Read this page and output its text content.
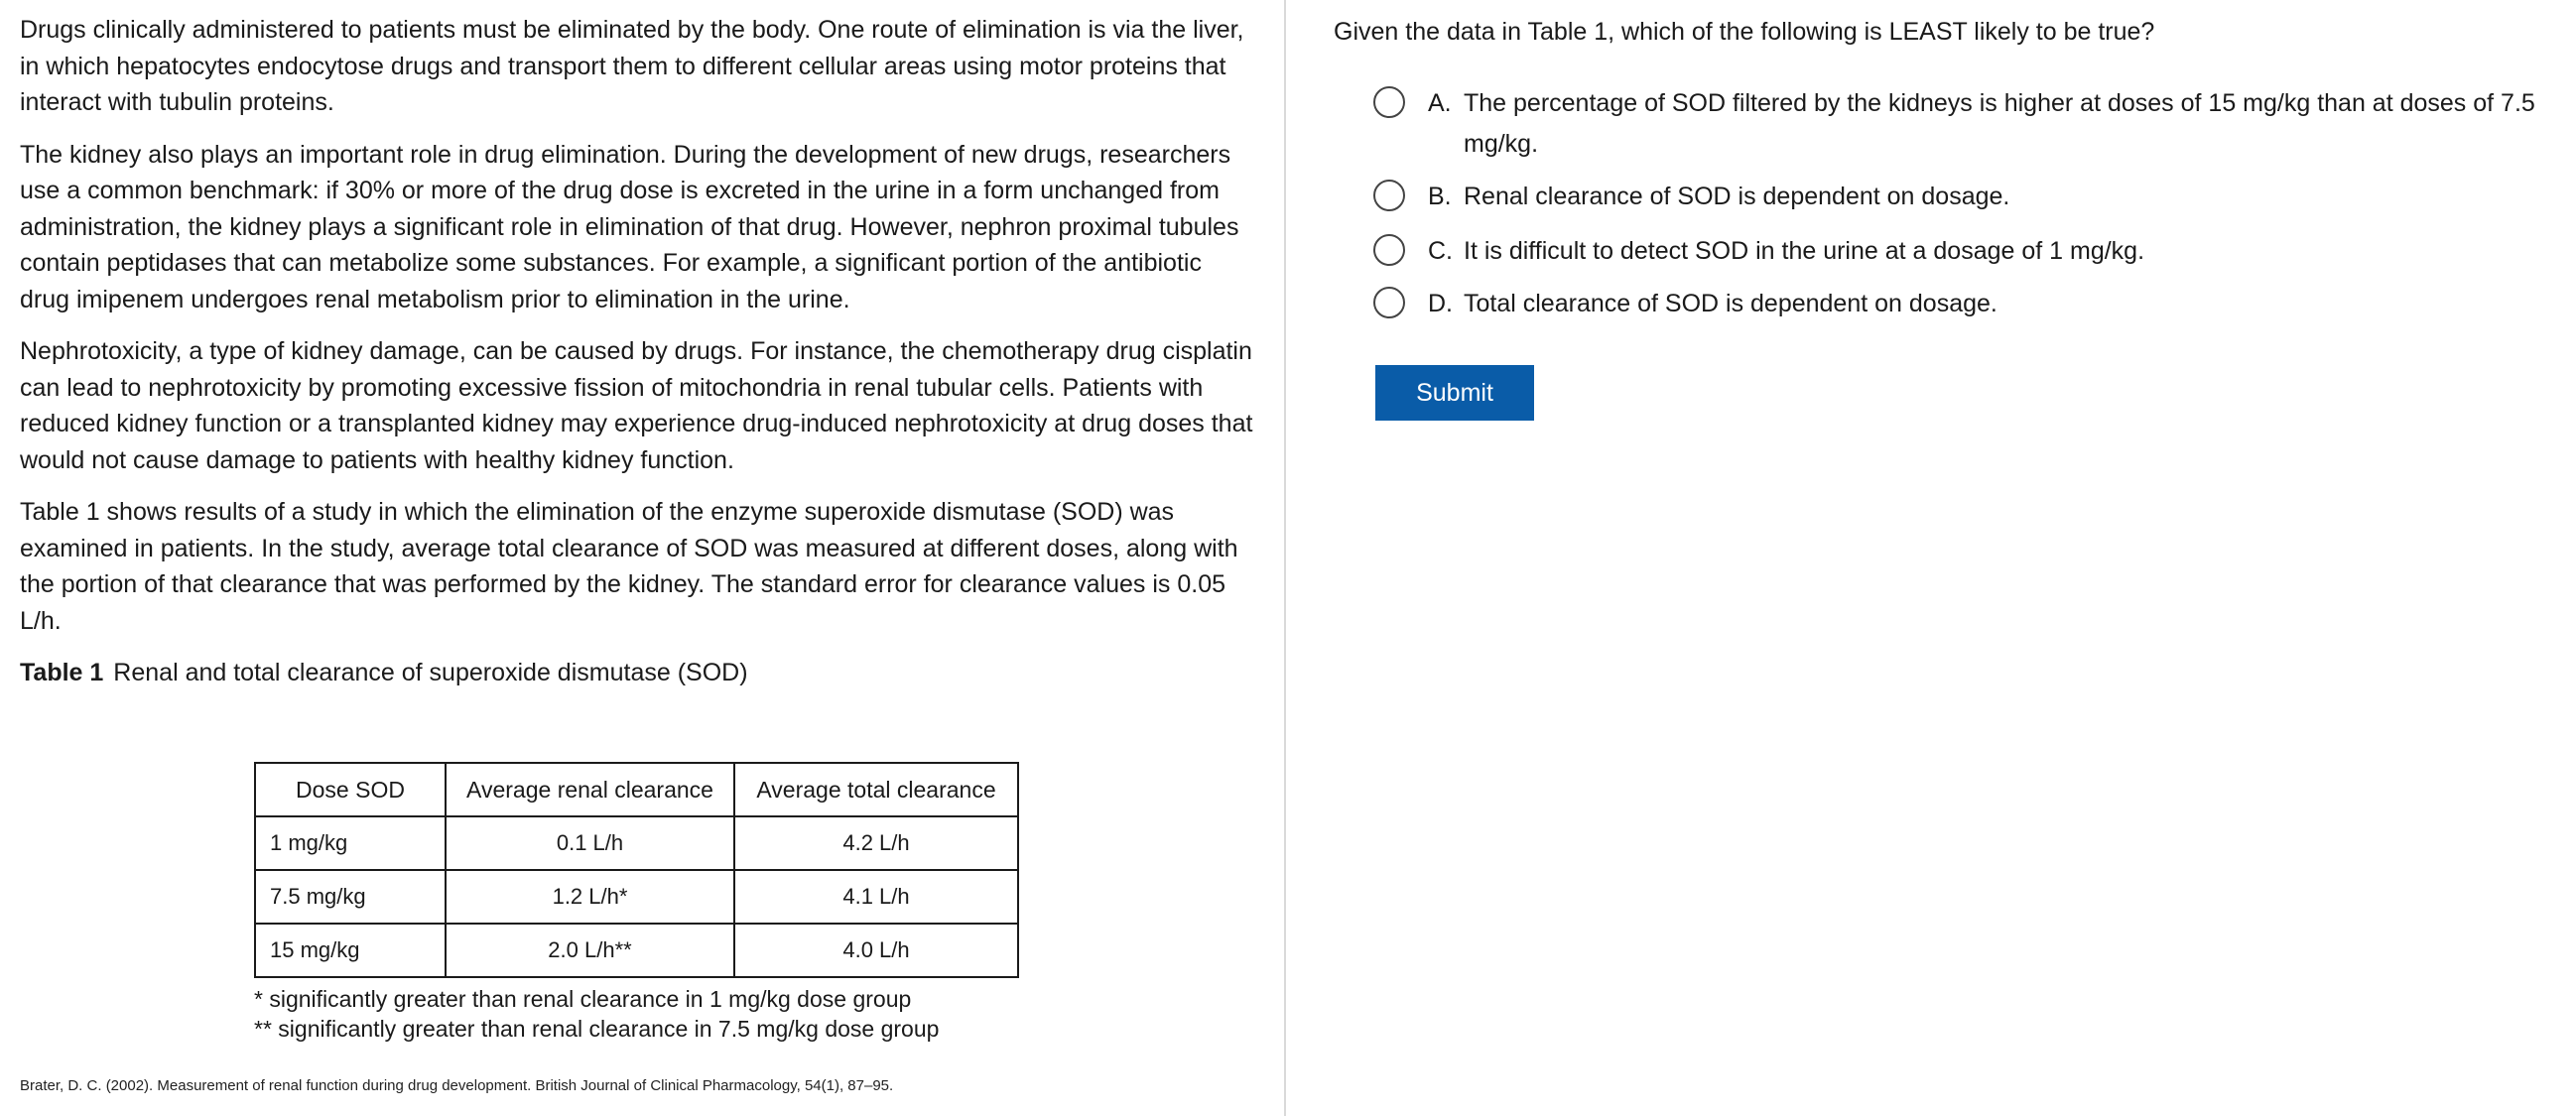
Drugs clinically administered to patients must be eliminated by the body. One route of elimination is via the liver, in which hepatocytes endocytose drugs and transport them to different cellular areas using motor proteins that interact with tubulin proteins.

The kidney also plays an important role in drug elimination. During the development of new drugs, researchers use a common benchmark: if 30% or more of the drug dose is excreted in the urine in a form unchanged from administration, the kidney plays a significant role in elimination of that drug. However, nephron proximal tubules contain peptidases that can metabolize some substances. For example, a significant portion of the antibiotic drug imipenem undergoes renal metabolism prior to elimination in the urine.

Nephrotoxicity, a type of kidney damage, can be caused by drugs. For instance, the chemotherapy drug cisplatin can lead to nephrotoxicity by promoting excessive fission of mitochondria in renal tubular cells. Patients with reduced kidney function or a transplanted kidney may experience drug-induced nephrotoxicity at drug doses that would not cause damage to patients with healthy kidney function.

Table 1 shows results of a study in which the elimination of the enzyme superoxide dismutase (SOD) was examined in patients. In the study, average total clearance of SOD was measured at different doses, along with the portion of that clearance that was performed by the kidney. The standard error for clearance values is 0.05 L/h.

Table 1 Renal and total clearance of superoxide dismutase (SOD)
Dose SOD	Average renal clearance	Average total clearance
1 mg/kg	0.1 L/h	4.2 L/h
7.5 mg/kg	1.2 L/h*	4.1 L/h
15 mg/kg	2.0 L/h**	4.0 L/h
* significantly greater than renal clearance in 1 mg/kg dose group
** significantly greater than renal clearance in 7.5 mg/kg dose group
Brater, D. C. (2002). Measurement of renal function during drug development. British Journal of Clinical Pharmacology, 54(1), 87–95.
Given the data in Table 1, which of the following is LEAST likely to be true?
A. The percentage of SOD filtered by the kidneys is higher at doses of 15 mg/kg than at doses of 7.5 mg/kg.
B. Renal clearance of SOD is dependent on dosage.
C. It is difficult to detect SOD in the urine at a dosage of 1 mg/kg.
D. Total clearance of SOD is dependent on dosage.
Submit
